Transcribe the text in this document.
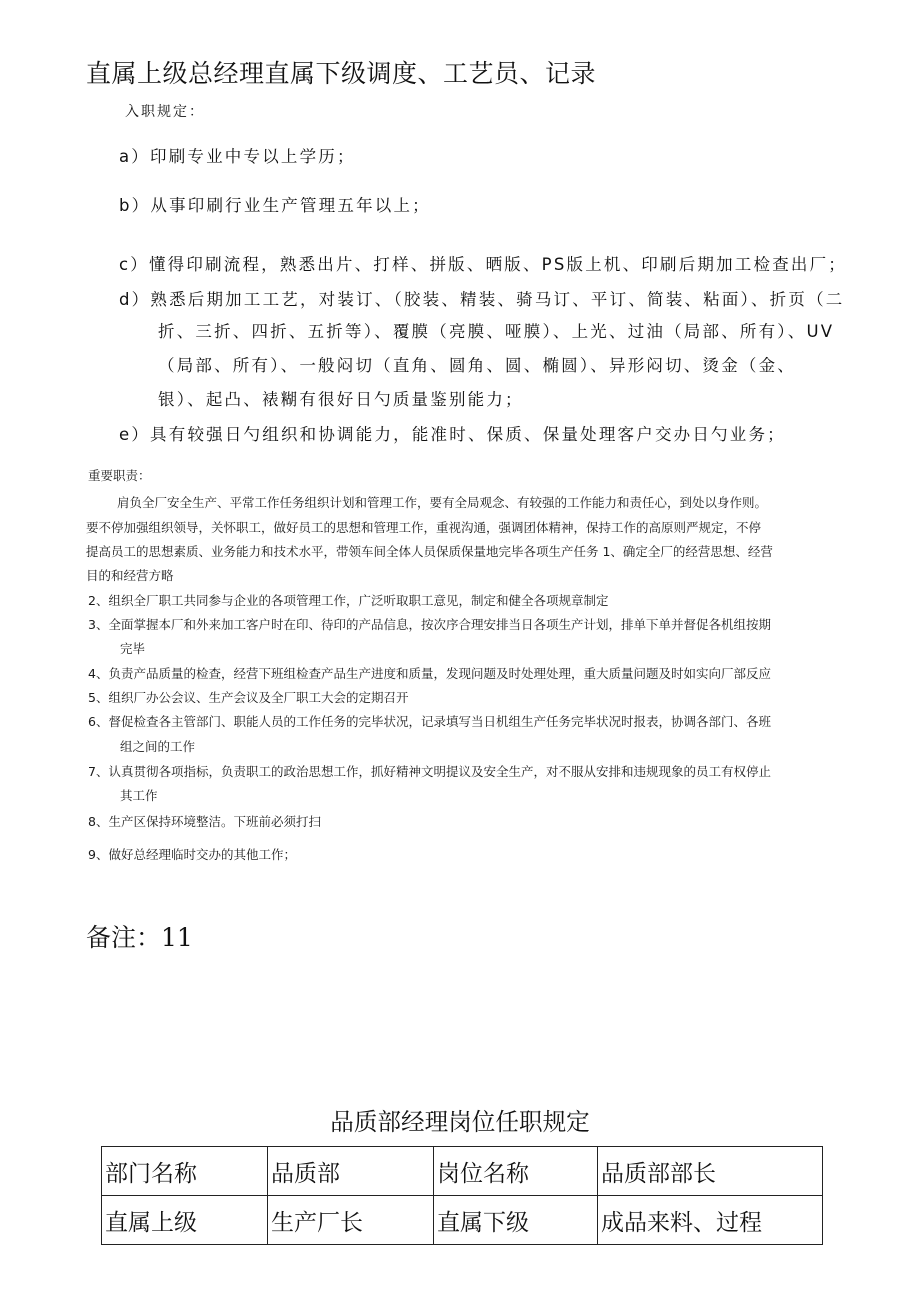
直属上级总经理直属下级调度、工艺员、记录
入职规定：
a）印刷专业中专以上学历；
b）从事印刷行业生产管理五年以上；
c）懂得印刷流程，熟悉出片、打样、拼版、晒版、PS版上机、印刷后期加工检查出厂；
d）熟悉后期加工工艺，对装订、（胶装、精装、骑马订、平订、简装、粘面）、折页（二
折、三折、四折、五折等）、覆膜（亮膜、哑膜）、上光、过油（局部、所有）、UV
（局部、所有）、一般闷切（直角、圆角、圆、椭圆）、异形闷切、烫金（金、
银）、起凸、裱糊有很好日勺质量鉴别能力；
e）具有较强日勺组织和协调能力，能准时、保质、保量处理客户交办日勺业务；
重要职责：
肩负全厂安全生产、平常工作任务组织计划和管理工作，要有全局观念、有较强的工作能力和责任心，到处以身作则。
要不停加强组织领导，关怀职工，做好员工的思想和管理工作，重视沟通，强调团体精神，保持工作的高原则严规定，不停
提高员工的思想素质、业务能力和技术水平，带领车间全体人员保质保量地完毕各项生产任务 1、确定全厂的经营思想、经营
目的和经营方略
2、组织全厂职工共同参与企业的各项管理工作，广泛听取职工意见，制定和健全各项规章制定
3、全面掌握本厂和外来加工客户时在印、待印的产品信息，按次序合理安排当日各项生产计划，排单下单并督促各机组按期
完毕
4、负责产品质量的检查，经营下班组检查产品生产进度和质量，发现问题及时处理处理，重大质量问题及时如实向厂部反应
5、组织厂办公会议、生产会议及全厂职工大会的定期召开
6、督促检查各主管部门、职能人员的工作任务的完毕状况，记录填写当日机组生产任务完毕状况时报表，协调各部门、各班
组之间的工作
7、认真贯彻各项指标，负责职工的政治思想工作，抓好精神文明提议及安全生产，对不服从安排和违规现象的员工有权停止
其工作
8、生产区保持环境整洁。下班前必须打扫
9、做好总经理临时交办的其他工作；
备注：11
品质部经理岗位任职规定
部门名称	品质部	岗位名称	品质部部长
直属上级	生产厂长	直属下级	成品来料、过程
